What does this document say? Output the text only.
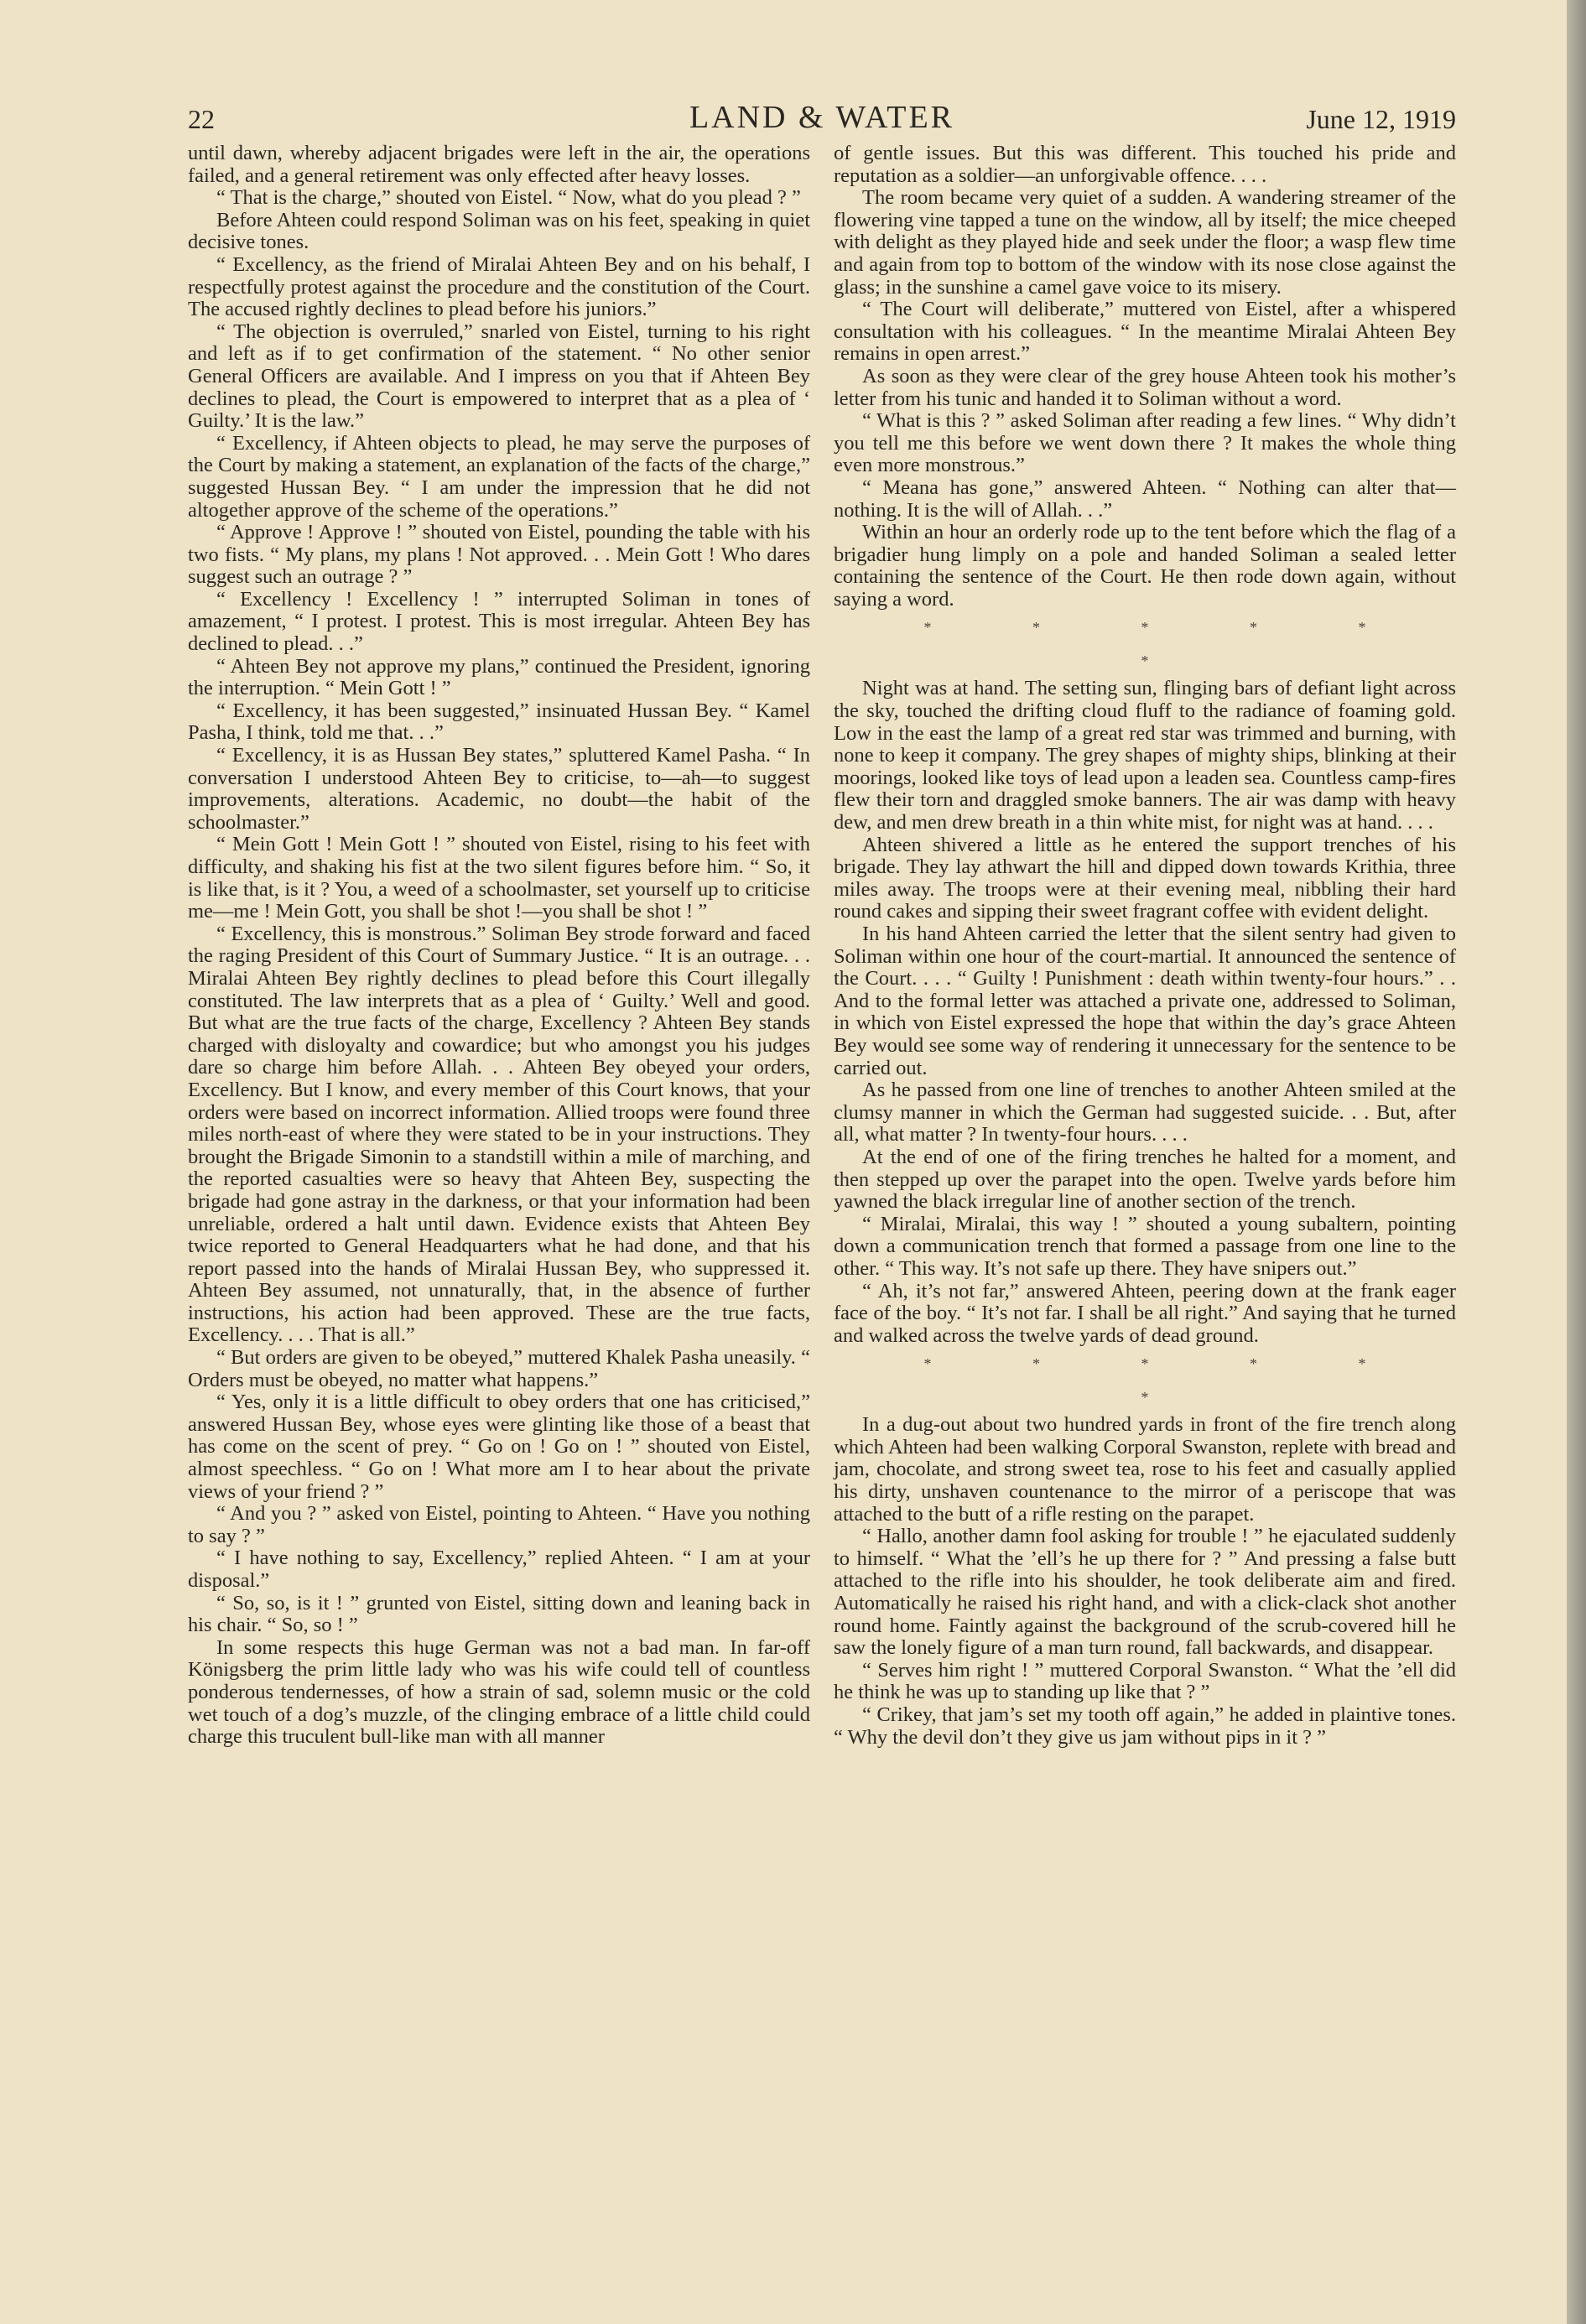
22	LAND & WATER	June 12, 1919

until dawn, whereby adjacent brigades were left in the air, the operations failed, and a general retirement was only effected after heavy losses.

“ That is the charge,” shouted von Eistel. “ Now, what do you plead ? ”

Before Ahteen could respond Soliman was on his feet, speaking in quiet decisive tones.

“ Excellency, as the friend of Miralai Ahteen Bey and on his behalf, I respectfully protest against the procedure and the constitution of the Court. The accused rightly declines to plead before his juniors.”

“ The objection is overruled,” snarled von Eistel, turning to his right and left as if to get confirmation of the statement. “ No other senior General Officers are available. And I impress on you that if Ahteen Bey declines to plead, the Court is empowered to interpret that as a plea of ‘ Guilty.’ It is the law.”

“ Excellency, if Ahteen objects to plead, he may serve the purposes of the Court by making a statement, an explanation of the facts of the charge,” suggested Hussan Bey. “ I am under the impression that he did not altogether approve of the scheme of the operations.”

“ Approve ! Approve ! ” shouted von Eistel, pounding the table with his two fists. “ My plans, my plans ! Not approved. . . Mein Gott ! Who dares suggest such an outrage ? ”

“ Excellency ! Excellency ! ” interrupted Soliman in tones of amazement, “ I protest. I protest. This is most irregular. Ahteen Bey has declined to plead. . .”

“ Ahteen Bey not approve my plans,” continued the President, ignoring the interruption. “ Mein Gott ! ”

“ Excellency, it has been suggested,” insinuated Hussan Bey. “ Kamel Pasha, I think, told me that. . .”

“ Excellency, it is as Hussan Bey states,” spluttered Kamel Pasha. “ In conversation I understood Ahteen Bey to criticise, to—ah—to suggest improvements, alterations. Academic, no doubt—the habit of the schoolmaster.”

“ Mein Gott ! Mein Gott ! ” shouted von Eistel, rising to his feet with difficulty, and shaking his fist at the two silent figures before him. “ So, it is like that, is it ? You, a weed of a schoolmaster, set yourself up to criticise me—me ! Mein Gott, you shall be shot !—you shall be shot ! ”

“ Excellency, this is monstrous.” Soliman Bey strode forward and faced the raging President of this Court of Summary Justice. “ It is an outrage. . . Miralai Ahteen Bey rightly declines to plead before this Court illegally constituted. The law interprets that as a plea of ‘ Guilty.’ Well and good. But what are the true facts of the charge, Excellency ? Ahteen Bey stands charged with disloyalty and cowardice; but who amongst you his judges dare so charge him before Allah. . . Ahteen Bey obeyed your orders, Excellency. But I know, and every member of this Court knows, that your orders were based on incorrect information. Allied troops were found three miles north-east of where they were stated to be in your instructions. They brought the Brigade Simonin to a standstill within a mile of marching, and the reported casualties were so heavy that Ahteen Bey, suspecting the brigade had gone astray in the darkness, or that your information had been unreliable, ordered a halt until dawn. Evidence exists that Ahteen Bey twice reported to General Headquarters what he had done, and that his report passed into the hands of Miralai Hussan Bey, who suppressed it. Ahteen Bey assumed, not unnaturally, that, in the absence of further instructions, his action had been approved. These are the true facts, Excellency. . . . That is all.”

“ But orders are given to be obeyed,” muttered Khalek Pasha uneasily. “ Orders must be obeyed, no matter what happens.”

“ Yes, only it is a little difficult to obey orders that one has criticised,” answered Hussan Bey, whose eyes were glinting like those of a beast that has come on the scent of prey. “ Go on ! Go on ! ” shouted von Eistel, almost speechless. “ Go on ! What more am I to hear about the private views of your friend ? ”

“ And you ? ” asked von Eistel, pointing to Ahteen. “ Have you nothing to say ? ”

“ I have nothing to say, Excellency,” replied Ahteen. “ I am at your disposal.”

“ So, so, is it ! ” grunted von Eistel, sitting down and leaning back in his chair. “ So, so ! ”

In some respects this huge German was not a bad man. In far-off Königsberg the prim little lady who was his wife could tell of countless ponderous tendernesses, of how a strain of sad, solemn music or the cold wet touch of a dog’s muzzle, of the clinging embrace of a little child could charge this truculent bull-like man with all manner

of gentle issues. But this was different. This touched his pride and reputation as a soldier—an unforgivable offence. . . .

The room became very quiet of a sudden. A wandering streamer of the flowering vine tapped a tune on the window, all by itself; the mice cheeped with delight as they played hide and seek under the floor; a wasp flew time and again from top to bottom of the window with its nose close against the glass; in the sunshine a camel gave voice to its misery.

“ The Court will deliberate,” muttered von Eistel, after a whispered consultation with his colleagues. “ In the meantime Miralai Ahteen Bey remains in open arrest.”

As soon as they were clear of the grey house Ahteen took his mother’s letter from his tunic and handed it to Soliman without a word.

“ What is this ? ” asked Soliman after reading a few lines. “ Why didn’t you tell me this before we went down there ? It makes the whole thing even more monstrous.”

“ Meana has gone,” answered Ahteen. “ Nothing can alter that—nothing. It is the will of Allah. . .”

Within an hour an orderly rode up to the tent before which the flag of a brigadier hung limply on a pole and handed Soliman a sealed letter containing the sentence of the Court. He then rode down again, without saying a word.

* * * * * *

Night was at hand. The setting sun, flinging bars of defiant light across the sky, touched the drifting cloud fluff to the radiance of foaming gold. Low in the east the lamp of a great red star was trimmed and burning, with none to keep it company. The grey shapes of mighty ships, blinking at their moorings, looked like toys of lead upon a leaden sea. Countless camp-fires flew their torn and draggled smoke banners. The air was damp with heavy dew, and men drew breath in a thin white mist, for night was at hand. . . .

Ahteen shivered a little as he entered the support trenches of his brigade. They lay athwart the hill and dipped down towards Krithia, three miles away. The troops were at their evening meal, nibbling their hard round cakes and sipping their sweet fragrant coffee with evident delight.

In his hand Ahteen carried the letter that the silent sentry had given to Soliman within one hour of the court-martial. It announced the sentence of the Court. . . . “ Guilty ! Punishment : death within twenty-four hours.” . . And to the formal letter was attached a private one, addressed to Soliman, in which von Eistel expressed the hope that within the day’s grace Ahteen Bey would see some way of rendering it unnecessary for the sentence to be carried out.

As he passed from one line of trenches to another Ahteen smiled at the clumsy manner in which the German had suggested suicide. . . But, after all, what matter ? In twenty-four hours. . . .

At the end of one of the firing trenches he halted for a moment, and then stepped up over the parapet into the open. Twelve yards before him yawned the black irregular line of another section of the trench.

“ Miralai, Miralai, this way ! ” shouted a young subaltern, pointing down a communication trench that formed a passage from one line to the other. “ This way. It’s not safe up there. They have snipers out.”

“ Ah, it’s not far,” answered Ahteen, peering down at the frank eager face of the boy. “ It’s not far. I shall be all right.” And saying that he turned and walked across the twelve yards of dead ground.

* * * * * *

In a dug-out about two hundred yards in front of the fire trench along which Ahteen had been walking Corporal Swanston, replete with bread and jam, chocolate, and strong sweet tea, rose to his feet and casually applied his dirty, unshaven countenance to the mirror of a periscope that was attached to the butt of a rifle resting on the parapet.

“ Hallo, another damn fool asking for trouble ! ” he ejaculated suddenly to himself. “ What the ’ell’s he up there for ? ” And pressing a false butt attached to the rifle into his shoulder, he took deliberate aim and fired. Automatically he raised his right hand, and with a click-clack shot another round home. Faintly against the background of the scrub-covered hill he saw the lonely figure of a man turn round, fall backwards, and disappear.

“ Serves him right ! ” muttered Corporal Swanston. “ What the ’ell did he think he was up to standing up like that ? ”

“ Crikey, that jam’s set my tooth off again,” he added in plaintive tones. “ Why the devil don’t they give us jam without pips in it ? ”
